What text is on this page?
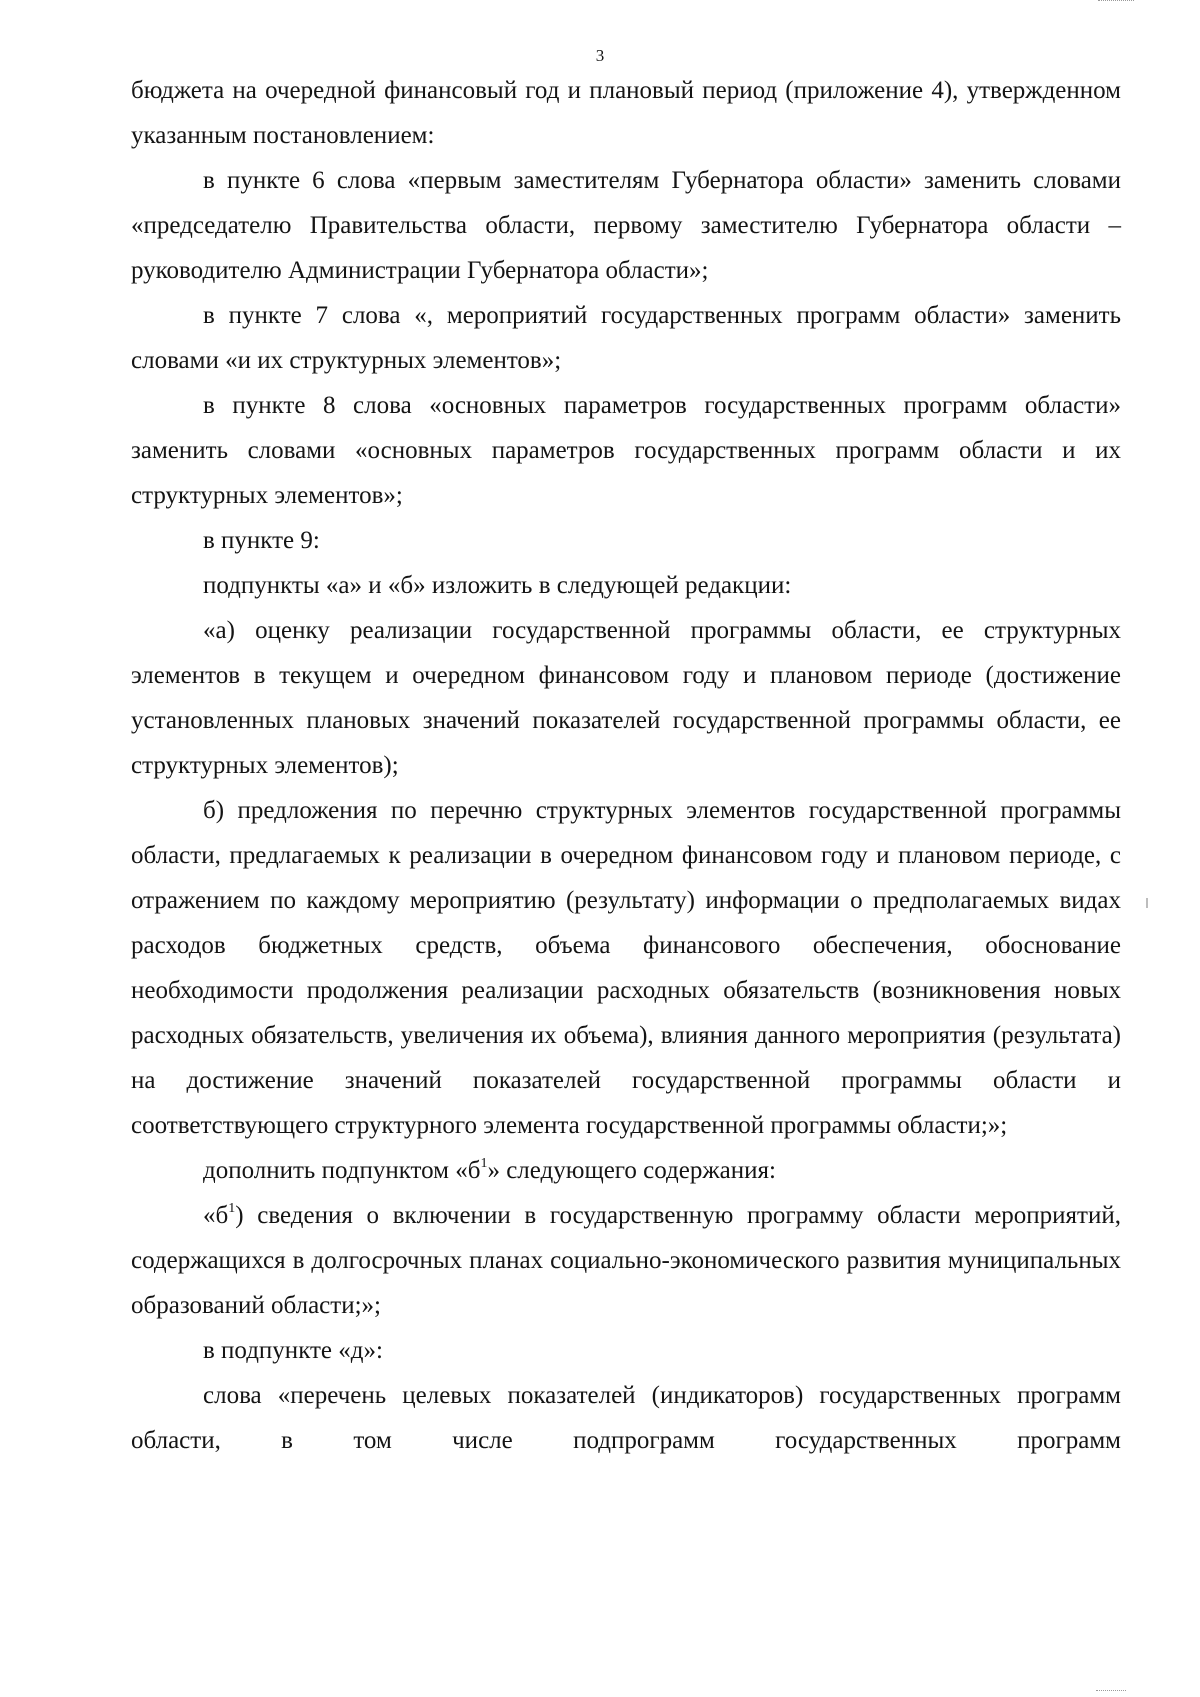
3

бюджета на очередной финансовый год и плановый период (приложение 4), утвержденном указанным постановлением:

в пункте 6 слова «первым заместителям Губернатора области» заменить словами «председателю Правительства области, первому заместителю Губернатора области – руководителю Администрации Губернатора области»;

в пункте 7 слова «, мероприятий государственных программ области» заменить словами «и их структурных элементов»;

в пункте 8 слова «основных параметров государственных программ области» заменить словами «основных параметров государственных программ области и их структурных элементов»;

в пункте 9:

подпункты «а» и «б» изложить в следующей редакции:

«а) оценку реализации государственной программы области, ее структурных элементов в текущем и очередном финансовом году и плановом периоде (достижение установленных плановых значений показателей государственной программы области, ее структурных элементов);

б) предложения по перечню структурных элементов государственной программы области, предлагаемых к реализации в очередном финансовом году и плановом периоде, с отражением по каждому мероприятию (результату) информации о предполагаемых видах расходов бюджетных средств, объема финансового обеспечения, обоснование необходимости продолжения реализации расходных обязательств (возникновения новых расходных обязательств, увеличения их объема), влияния данного мероприятия (результата) на достижение значений показателей государственной программы области и соответствующего структурного элемента государственной программы области;»;

дополнить подпунктом «$б^1$» следующего содержания:

«$б^1$) сведения о включении в государственную программу области мероприятий, содержащихся в долгосрочных планах социально-экономического развития муниципальных образований области;»;

в подпункте «д»:

слова «перечень целевых показателей (индикаторов) государственных программ области, в том числе подпрограмм государственных программ
